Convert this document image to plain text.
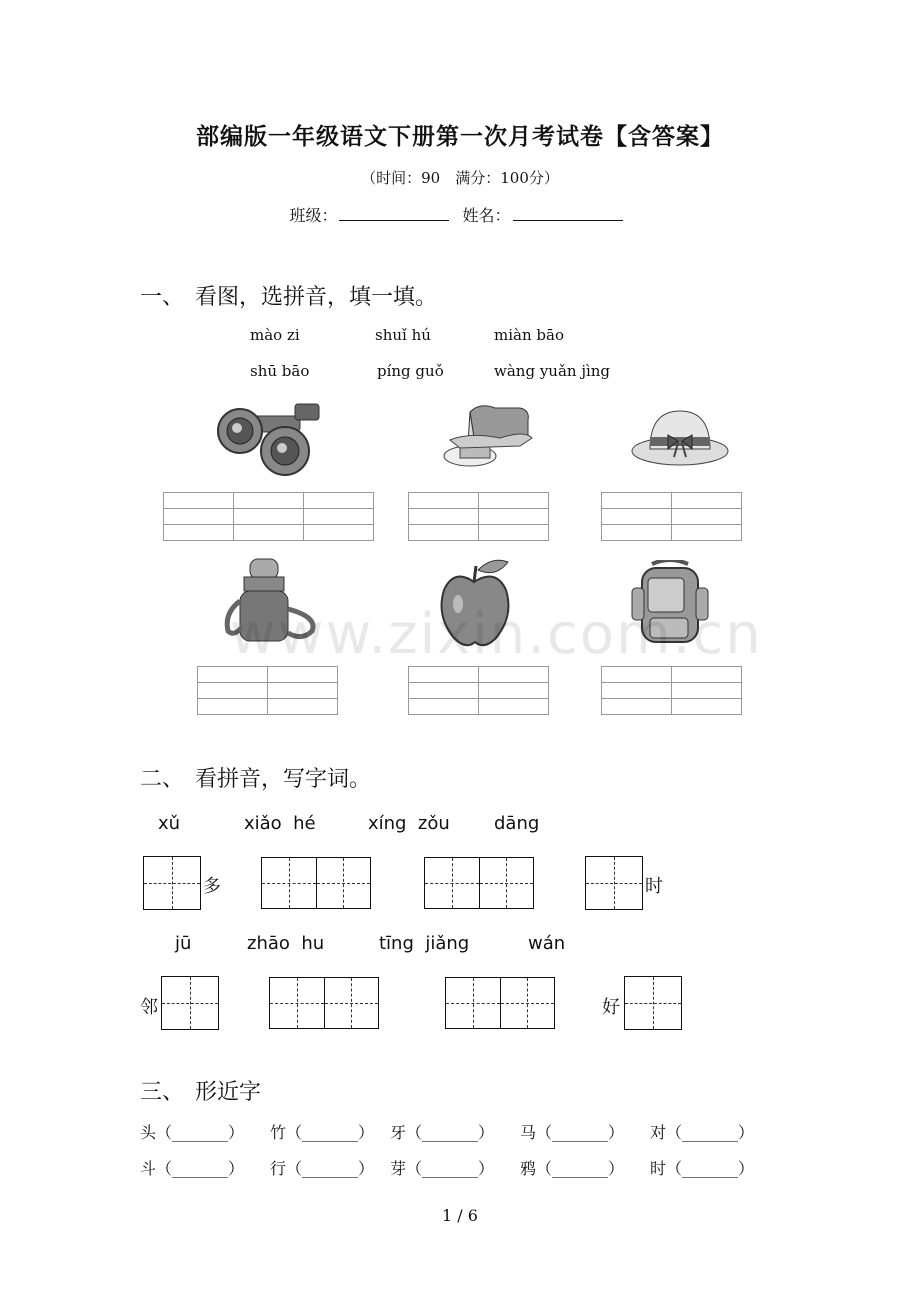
部编版一年级语文下册第一次月考试卷【含答案】
（时间：90　满分：100分）
班级：	姓名：
一、　看图，选拼音，填一填。
mào zi	shuǐ hú	miàn bāo
shū bāo	píng guǒ	wàng yuǎn jìng

www.zixin.com.cn
二、　看拼音，写字词。
xǔ	xiǎo  hé	xíng  zǒu dāng
多	时
jū	zhāo  hu	tīng  jiǎng	wán
邻	好
三、　形近字
头（_______） 竹（_______） 牙（_______） 马（_______） 对（_______）
斗（_______） 行（_______） 芽（_______） 鸦（_______） 时（_______）
1 / 6
